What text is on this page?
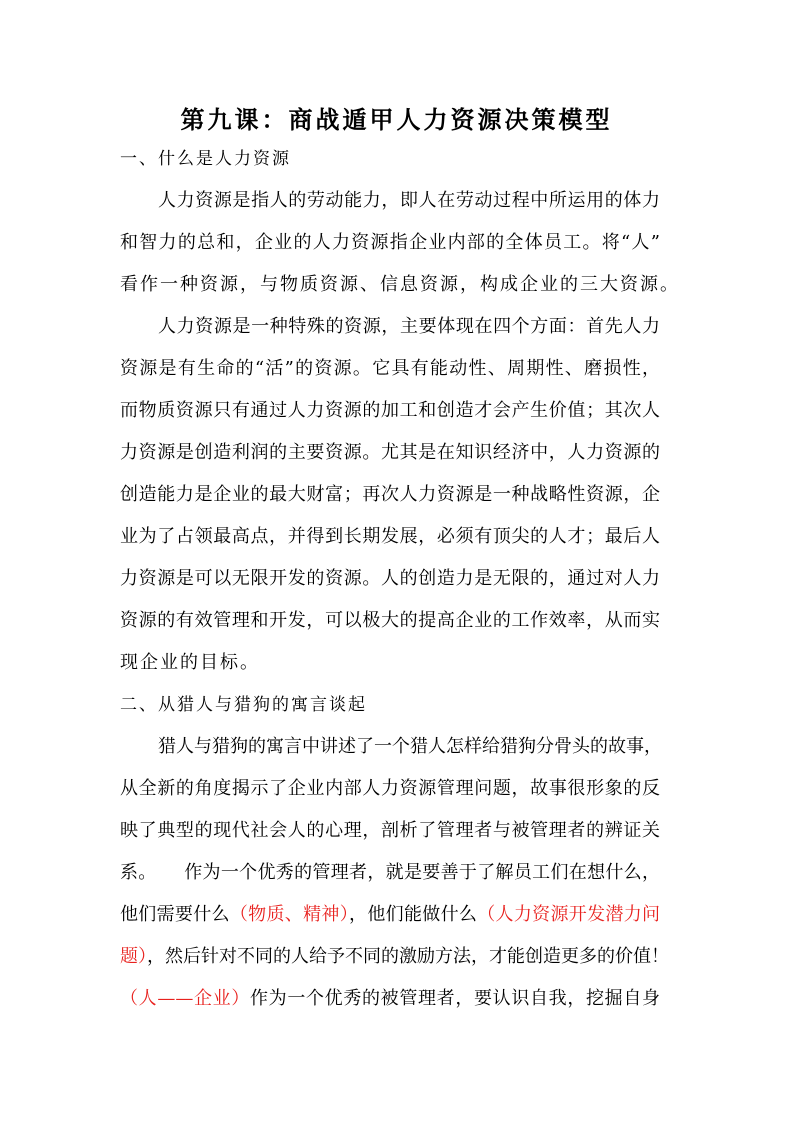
第九课：商战遁甲人力资源决策模型

一、什么是人力资源

人力资源是指人的劳动能力，即人在劳动过程中所运用的体力

和智力的总和，企业的人力资源指企业内部的全体员工。将“人”

看作一种资源，与物质资源、信息资源，构成企业的三大资源。

人力资源是一种特殊的资源，主要体现在四个方面：首先人力

资源是有生命的“活”的资源。它具有能动性、周期性、磨损性，

而物质资源只有通过人力资源的加工和创造才会产生价值；其次人

力资源是创造利润的主要资源。尤其是在知识经济中，人力资源的

创造能力是企业的最大财富；再次人力资源是一种战略性资源，企

业为了占领最高点，并得到长期发展，必须有顶尖的人才；最后人

力资源是可以无限开发的资源。人的创造力是无限的，通过对人力

资源的有效管理和开发，可以极大的提高企业的工作效率，从而实

现企业的目标。

二、从猎人与猎狗的寓言谈起

猎人与猎狗的寓言中讲述了一个猎人怎样给猎狗分骨头的故事，

从全新的角度揭示了企业内部人力资源管理问题，故事很形象的反

映了典型的现代社会人的心理，剖析了管理者与被管理者的辨证关

系。　　作为一个优秀的管理者，就是要善于了解员工们在想什么，

他们需要什么（物质、精神），他们能做什么（人力资源开发潜力问

题），然后针对不同的人给予不同的激励方法，才能创造更多的价值！

（人——企业）作为一个优秀的被管理者，要认识自我，挖掘自身
